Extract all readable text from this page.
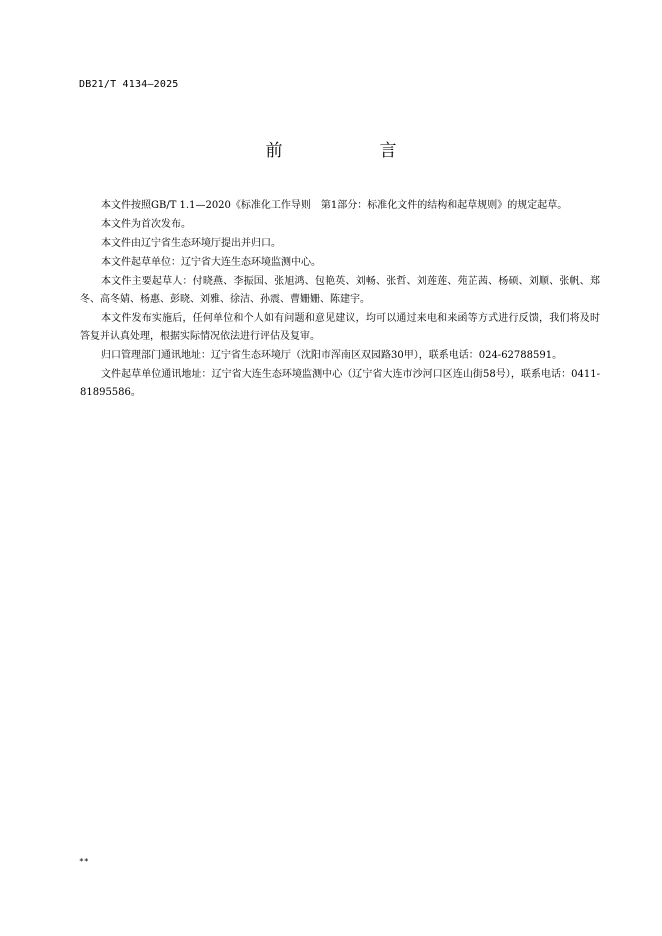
DB21/T 4134—2025
前　言

本文件按照GB/T 1.1—2020《标准化工作导则　第1部分：标准化文件的结构和起草规则》的规定起草。

本文件为首次发布。

本文件由辽宁省生态环境厅提出并归口。

本文件起草单位：辽宁省大连生态环境监测中心。

本文件主要起草人：付晓燕、李振国、张旭鸿、包艳英、刘畅、张哲、刘莲莲、苑芷茜、杨硕、刘顺、张帆、郑冬、高冬婧、杨惠、彭晓、刘雅、徐洁、孙震、曹姗姗、陈建宇。

本文件发布实施后，任何单位和个人如有问题和意见建议，均可以通过来电和来函等方式进行反馈，我们将及时答复并认真处理，根据实际情况依法进行评估及复审。

归口管理部门通讯地址：辽宁省生态环境厅（沈阳市浑南区双园路30甲），联系电话：024-62788591。

文件起草单位通讯地址：辽宁省大连生态环境监测中心（辽宁省大连市沙河口区连山街58号），联系电话：0411-81895586。

**
